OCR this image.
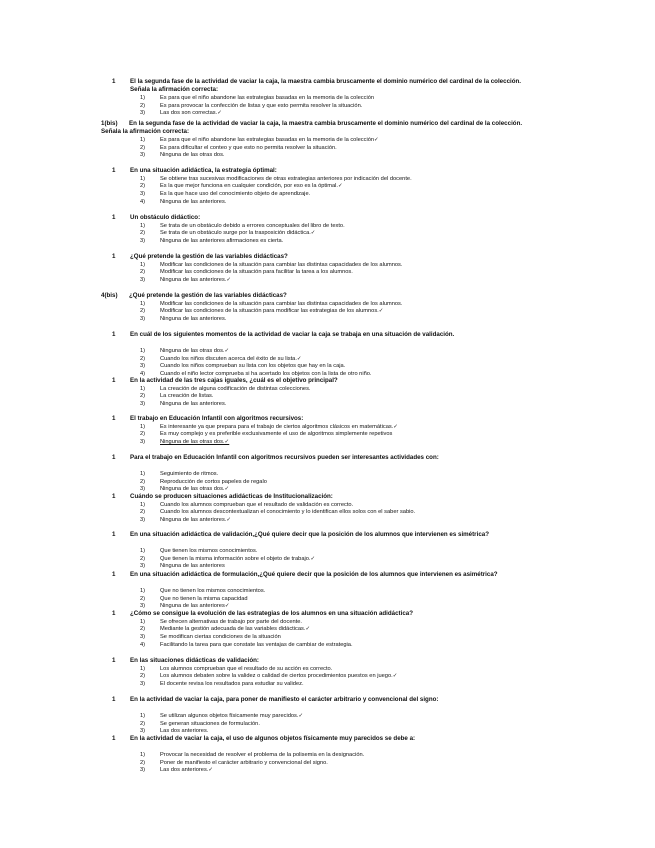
1 El la segunda fase de la actividad de vaciar la caja, la maestra cambia bruscamente el dominio numérico del cardinal de la colección. Señala la afirmación correcta:
1)	Es para que el niño abandone las estrategias basadas en la memoria de la colección
2)	Es para provocar la confección de listas y que esto permita resolver la situación.
3)	Las dos son correctas.✓
1(bis)	En la segunda fase de la actividad de vaciar la caja, la maestra cambia bruscamente el dominio numérico del cardinal de la colección. Señala la afirmación correcta:
1)	Es para que el niño abandone las estrategias basadas en la memoria de la colección✓
2)	Es para dificultar el conteo y que esto no permita resolver la situación.
3)	Ninguna de las otras dos.
1 En una situación adidáctica, la estrategia óptimal:
1)	Se obtiene tras sucesivas modificaciones de otras estrategias anteriores por indicación del docente.
2)	Es la que mejor funciona en cualquier condición, por eso es la óptimal.✓
3)	Es la que hace uso del conocimiento objeto de aprendizaje.
4)	Ninguna de las anteriores.
1 Un obstáculo didáctico:
1)	Se trata de un obstáculo debido a errores conceptuales del libro de texto.
2)	Se trata de un obstáculo surge por la trasposición didáctica.✓
3)	Ninguna de las anteriores afirmaciones es cierta.
1 ¿Qué pretende la gestión de las variables didácticas?
1)	Modificar las condiciones de la situación para cambiar las distintas capacidades de los alumnos.
2)	Modificar las condiciones de la situación para facilitar la tarea a los alumnos.
3)	Ninguna de las anteriores.✓
4(bis)	¿Qué pretende la gestión de las variables didácticas?
1)	Modificar las condiciones de la situación para cambiar las distintas capacidades de los alumnos.
2)	Modificar las condiciones de la situación para modificar las estrategias de los alumnos.✓
3)	Ninguna de las anteriores.
1 En cuál de los siguientes momentos de la actividad de vaciar la caja se trabaja en una situación de validación.
1)	Ninguna de las otras dos.✓
2)	Cuando los niños discuten acerca del éxito de su lista.✓
3)	Cuando los niños comprueban su lista con los objetos que hay en la caja.
4)	Cuando el niño lector comprueba si ha acertado los objetos con la lista de otro niño.
1 En la actividad de las tres cajas iguales, ¿cuál es el objetivo principal?
1)	La creación de alguna codificación de distintas colecciones.
2)	La creación de listas.
3)	Ninguna de las anteriores.
1 El trabajo en Educación Infantil con algoritmos recursivos:
1)	Es interesante ya que prepara para el trabajo de ciertos algoritmos clásicos en matemáticas.✓
2)	Es muy complejo y es preferible exclusivamente el uso de algoritmos simplemente repetivos
3)	Ninguna de las otras dos.✓
1 Para el trabajo en Educación Infantil con algoritmos recursivos pueden ser interesantes actividades con:
1)	Seguimiento de ritmos.
2)	Reproducción de cortos papeles de regalo
3)	Ninguna de las otras dos.✓
1 Cuándo se producen situaciones adidácticas de Institucionalización:
1)	Cuando los alumnos comprueban que el resultado de validación es correcto.
2)	Cuando los alumnos descontextualizan el conocimiento y lo identifican ellos solos con el saber sabio.
3)	Ninguna de las anteriores.✓
1 En una situación adidáctica de validación,¿Qué quiere decir que la posición de los alumnos que intervienen es simétrica?
1)	Que tienen los mismos conocimientos.
2)	Que tienen la misma información sobre el objeto de trabajo.✓
3)	Ninguna de las anteriores
1 En una situación adidáctica de formulación,¿Qué quiere decir que la posición de los alumnos que intervienen es asimétrica?
1)	Que no tienen los mismos conocimientos.
2)	Que no tienen la misma capacidad
3)	Ninguna de las anteriores✓
1 ¿Cómo se consigue la evolución de las estrategias de los alumnos en una situación adidáctica?
1)	Se ofrecen alternativas de trabajo por parte del docente.
2)	Mediante la gestión adecuada de las variables didácticas.✓
3)	Se modifican ciertas condiciones de la situación
4)	Facilitando la tarea para que constate las ventajas de cambiar de estrategia.
1 En las situaciones didácticas de validación:
1)	Los alumnos comprueban que el resultado de su acción es correcto.
2)	Los alumnos debaten sobre la validez o calidad de ciertos procedimientos puestos en juego.✓
3)	El docente revisa los resultados para estudiar su validez.
1 En la actividad de vaciar la caja, para poner de manifiesto el carácter arbitrario y convencional del signo:
1)	Se utilizan algunos objetos físicamente muy parecidos.✓
2)	Se generan situaciones de formulación.
3)	Las dos anteriores.
1 En la actividad de vaciar la caja, el uso de algunos objetos físicamente muy parecidos se debe a:
1)	Provocar la necesidad de resolver el problema de la polisemia en la designación.
2)	Poner de manifiesto el carácter arbitrario y convencional del signo.
3)	Las dos anteriores.✓
